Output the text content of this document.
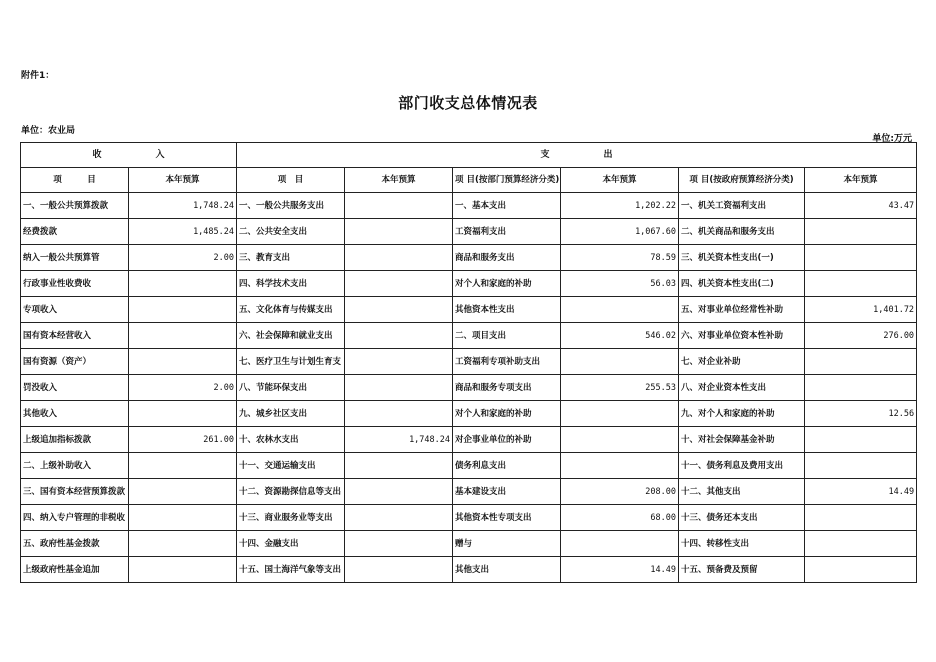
附件1：
部门收支总体情况表
单位：农业局
单位:万元
收　　　　　　入		支　　　　　　出					
项　　　目	本年预算	项　目	本年预算	项 目(按部门预算经济分类)	本年预算	项 目(按政府预算经济分类)	本年预算
一、一般公共预算拨款	1,748.24	一、一般公共服务支出		一、基本支出	1,202.22	一、机关工资福利支出	43.47
经费拨款	1,485.24	二、公共安全支出		工资福利支出	1,067.60	二、机关商品和服务支出	
纳入一般公共预算管	2.00	三、教育支出		商品和服务支出	78.59	三、机关资本性支出(一)	
行政事业性收费收		四、科学技术支出		对个人和家庭的补助	56.03	四、机关资本性支出(二)	
专项收入		五、文化体育与传媒支出		其他资本性支出		五、对事业单位经常性补助	1,401.72
国有资本经营收入		六、社会保障和就业支出		二、项目支出	546.02	六、对事业单位资本性补助	276.00
国有资源（资产）		七、医疗卫生与计划生育支		工资福利专项补助支出		七、对企业补助	
罚没收入	2.00	八、节能环保支出		商品和服务专项支出	255.53	八、对企业资本性支出	
其他收入		九、城乡社区支出		对个人和家庭的补助		九、对个人和家庭的补助	12.56
上级追加指标拨款	261.00	十、农林水支出	1,748.24	对企事业单位的补助		十、对社会保障基金补助	
二、上级补助收入		十一、交通运输支出		债务利息支出		十一、债务利息及费用支出	
三、国有资本经营预算拨款		十二、资源勘探信息等支出		基本建设支出	208.00	十二、其他支出	14.49
四、纳入专户管理的非税收		十三、商业服务业等支出		其他资本性专项支出	68.00	十三、债务还本支出	
五、政府性基金拨款		十四、金融支出		赠与		十四、转移性支出	
上级政府性基金追加		十五、国土海洋气象等支出		其他支出	14.49	十五、预备费及预留	
